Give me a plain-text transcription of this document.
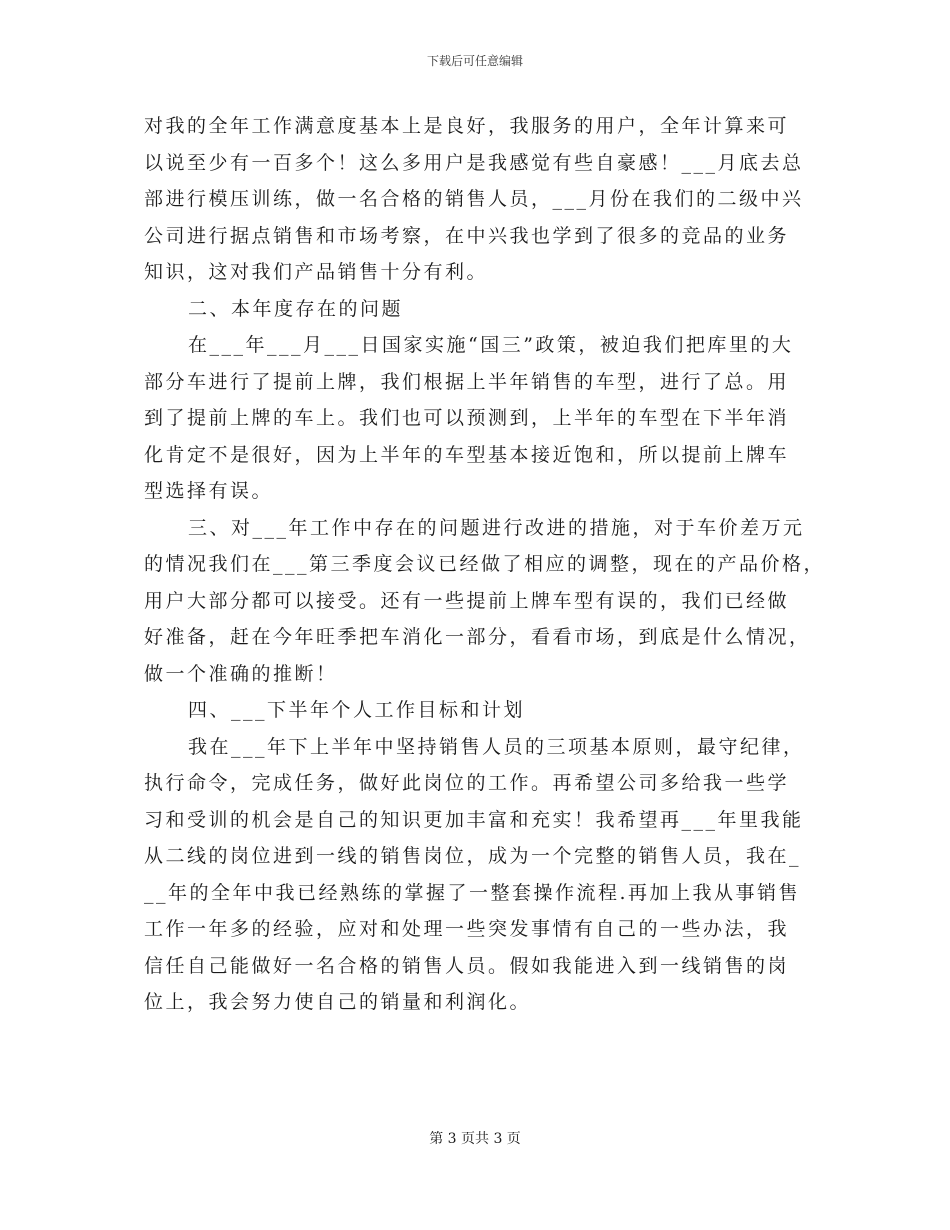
下载后可任意编辑
对我的全年工作满意度基本上是良好，我服务的用户，全年计算来可
以说至少有一百多个！这么多用户是我感觉有些自豪感！___月底去总
部进行模压训练，做一名合格的销售人员，___月份在我们的二级中兴
公司进行据点销售和市场考察，在中兴我也学到了很多的竞品的业务
知识，这对我们产品销售十分有利。
二、本年度存在的问题
在___年___月___日国家实施“国三”政策，被迫我们把库里的大
部分车进行了提前上牌，我们根据上半年销售的车型，进行了总。用
到了提前上牌的车上。我们也可以预测到，上半年的车型在下半年消
化肯定不是很好，因为上半年的车型基本接近饱和，所以提前上牌车
型选择有误。
三、对___年工作中存在的问题进行改进的措施，对于车价差万元
的情况我们在___第三季度会议已经做了相应的调整，现在的产品价格，
用户大部分都可以接受。还有一些提前上牌车型有误的，我们已经做
好准备，赶在今年旺季把车消化一部分，看看市场，到底是什么情况，
做一个准确的推断！
四、___下半年个人工作目标和计划
我在___年下上半年中坚持销售人员的三项基本原则，最守纪律，
执行命令，完成任务，做好此岗位的工作。再希望公司多给我一些学
习和受训的机会是自己的知识更加丰富和充实！我希望再___年里我能
从二线的岗位进到一线的销售岗位，成为一个完整的销售人员，我在_
__年的全年中我已经熟练的掌握了一整套操作流程.再加上我从事销售
工作一年多的经验，应对和处理一些突发事情有自己的一些办法，我
信任自己能做好一名合格的销售人员。假如我能进入到一线销售的岗
位上，我会努力使自己的销量和利润化。
第 3 页共 3 页
